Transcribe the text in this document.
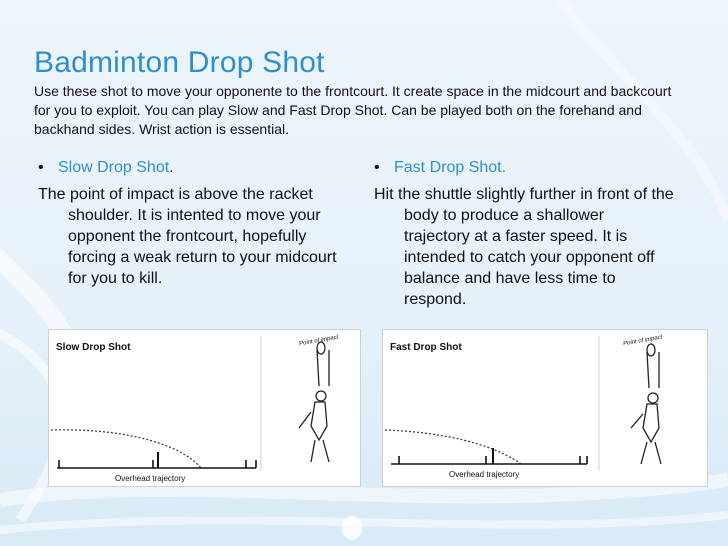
Badminton Drop Shot

Use these shot to move your opponente to the frontcourt. It create space in the midcourt and backcourt for you to exploit. You can play Slow and Fast Drop Shot. Can be played both on the forehand and backhand sides. Wrist action is essential.

• Slow Drop Shot.

The point of impact is above the racket shoulder. It is intented to move your opponent the frontcourt, hopefully forcing a weak return to your midcourt for you to kill.

• Fast Drop Shot.

Hit the shuttle slightly further in front of the body to produce a shallower trajectory at a faster speed. It is intended to catch your opponent off balance and have less time to respond.

Slow Drop Shot
Overhead trajectory
Point of impact
Fast Drop Shot
Overhead trajectory
Point of impact
